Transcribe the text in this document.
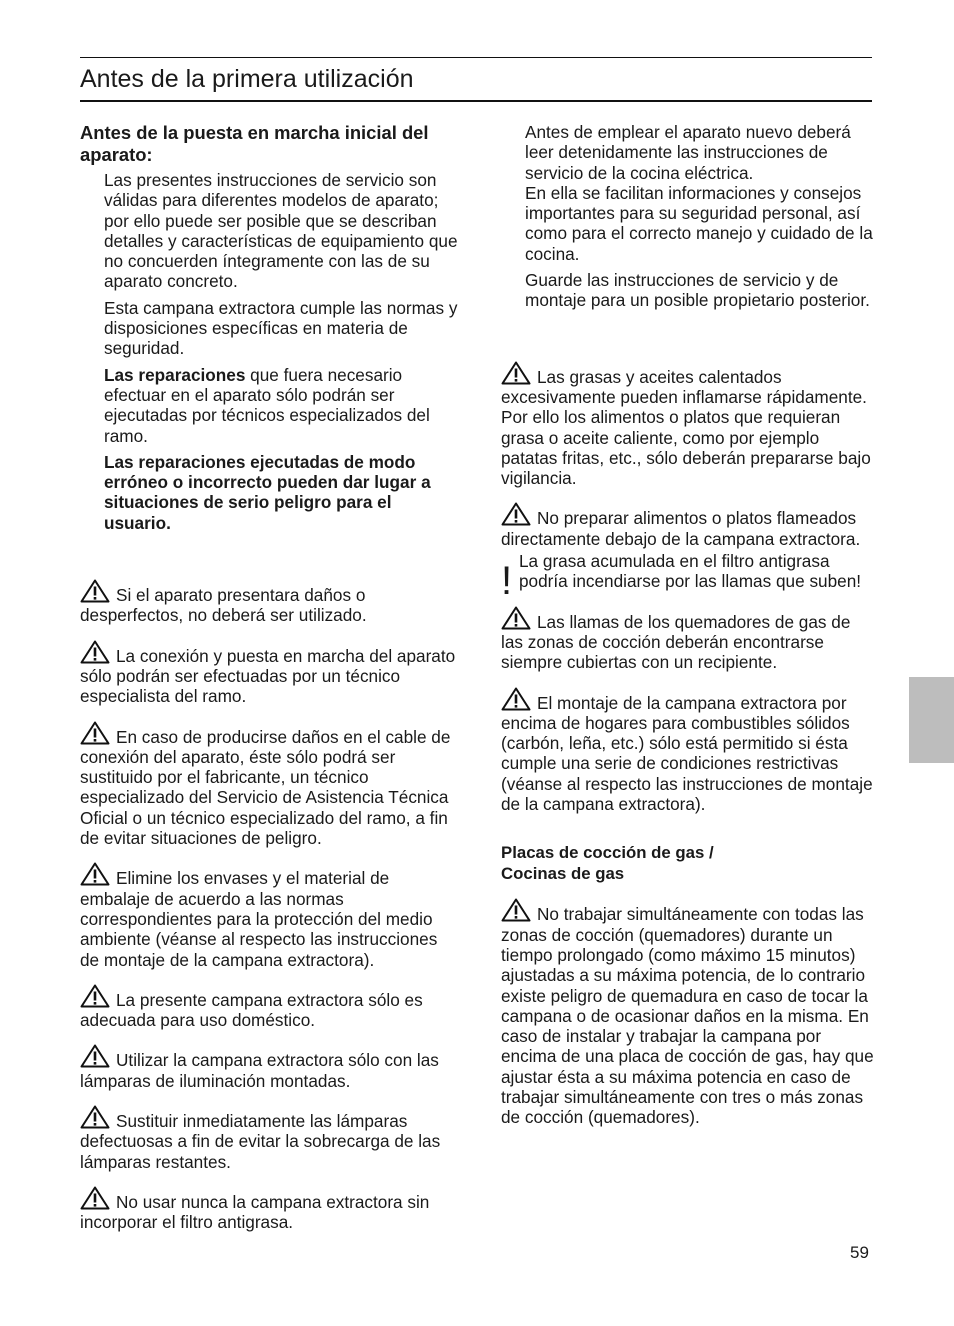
Antes de la primera utilización
Antes de la puesta en marcha inicial del aparato:

Las presentes instrucciones de servicio son válidas para diferentes modelos de aparato; por ello puede ser posible que se describan detalles y características de equipamiento que no concuerden íntegramente con las de su aparato concreto.

Esta campana extractora cumple las normas y disposiciones específicas en materia de seguridad.

Las reparaciones que fuera necesario efectuar en el aparato sólo podrán ser ejecutadas por técnicos especializados del ramo.

Las reparaciones ejecutadas de modo erróneo o incorrecto pueden dar lugar a situaciones de serio peligro para el usuario.

Si el aparato presentara daños o desperfectos, no deberá ser utilizado.

La conexión y puesta en marcha del aparato sólo podrán ser efectuadas por un técnico especialista del ramo.

En caso de producirse daños en el cable de conexión del aparato, éste sólo podrá ser sustituido por el fabricante, un técnico especializado del Servicio de Asistencia Técnica Oficial o un técnico especializado del ramo, a fin de evitar situaciones de peligro.

Elimine los envases y el material de embalaje de acuerdo a las normas correspondientes para la protección del medio ambiente (véanse al respecto las instrucciones de montaje de la campana extractora).

La presente campana extractora sólo es adecuada para uso doméstico.

Utilizar la campana extractora sólo con las lámparas de iluminación montadas.

Sustituir inmediatamente las lámparas defectuosas a fin de evitar la sobrecarga de las lámparas restantes.

No usar nunca la campana extractora sin incorporar el filtro antigrasa.

Antes de emplear el aparato nuevo deberá leer detenidamente las instrucciones de servicio de la cocina eléctrica.

En ella se facilitan informaciones y consejos importantes para su seguridad personal, así como para el correcto manejo y cuidado de la cocina.

Guarde las instrucciones de servicio y de montaje para un posible propietario posterior.

Las grasas y aceites calentados excesivamente pueden inflamarse rápidamente. Por ello los alimentos o platos que requieran grasa o aceite caliente, como por ejemplo patatas fritas, etc., sólo deberán prepararse bajo vigilancia.

No preparar alimentos o platos flameados directamente debajo de la campana extractora.

! La grasa acumulada en el filtro antigrasa podría incendiarse por las llamas que suben!

Las llamas de los quemadores de gas de las zonas de cocción deberán encontrarse siempre cubiertas con un recipiente.

El montaje de la campana extractora por encima de hogares para combustibles sólidos (carbón, leña, etc.) sólo está permitido si ésta cumple una serie de condiciones restrictivas (véanse al respecto las instrucciones de montaje de la campana extractora).

Placas de cocción de gas /
Cocinas de gas

No trabajar simultáneamente con todas las zonas de cocción (quemadores) durante un tiempo prolongado (como máximo 15 minutos) ajustadas a su máxima potencia, de lo contrario existe peligro de quemadura en caso de tocar la campana o de ocasionar daños en la misma. En caso de instalar y trabajar la campana por encima de una placa de cocción de gas, hay que ajustar ésta a su máxima potencia en caso de trabajar simultáneamente con tres o más zonas de cocción (quemadores).

59
